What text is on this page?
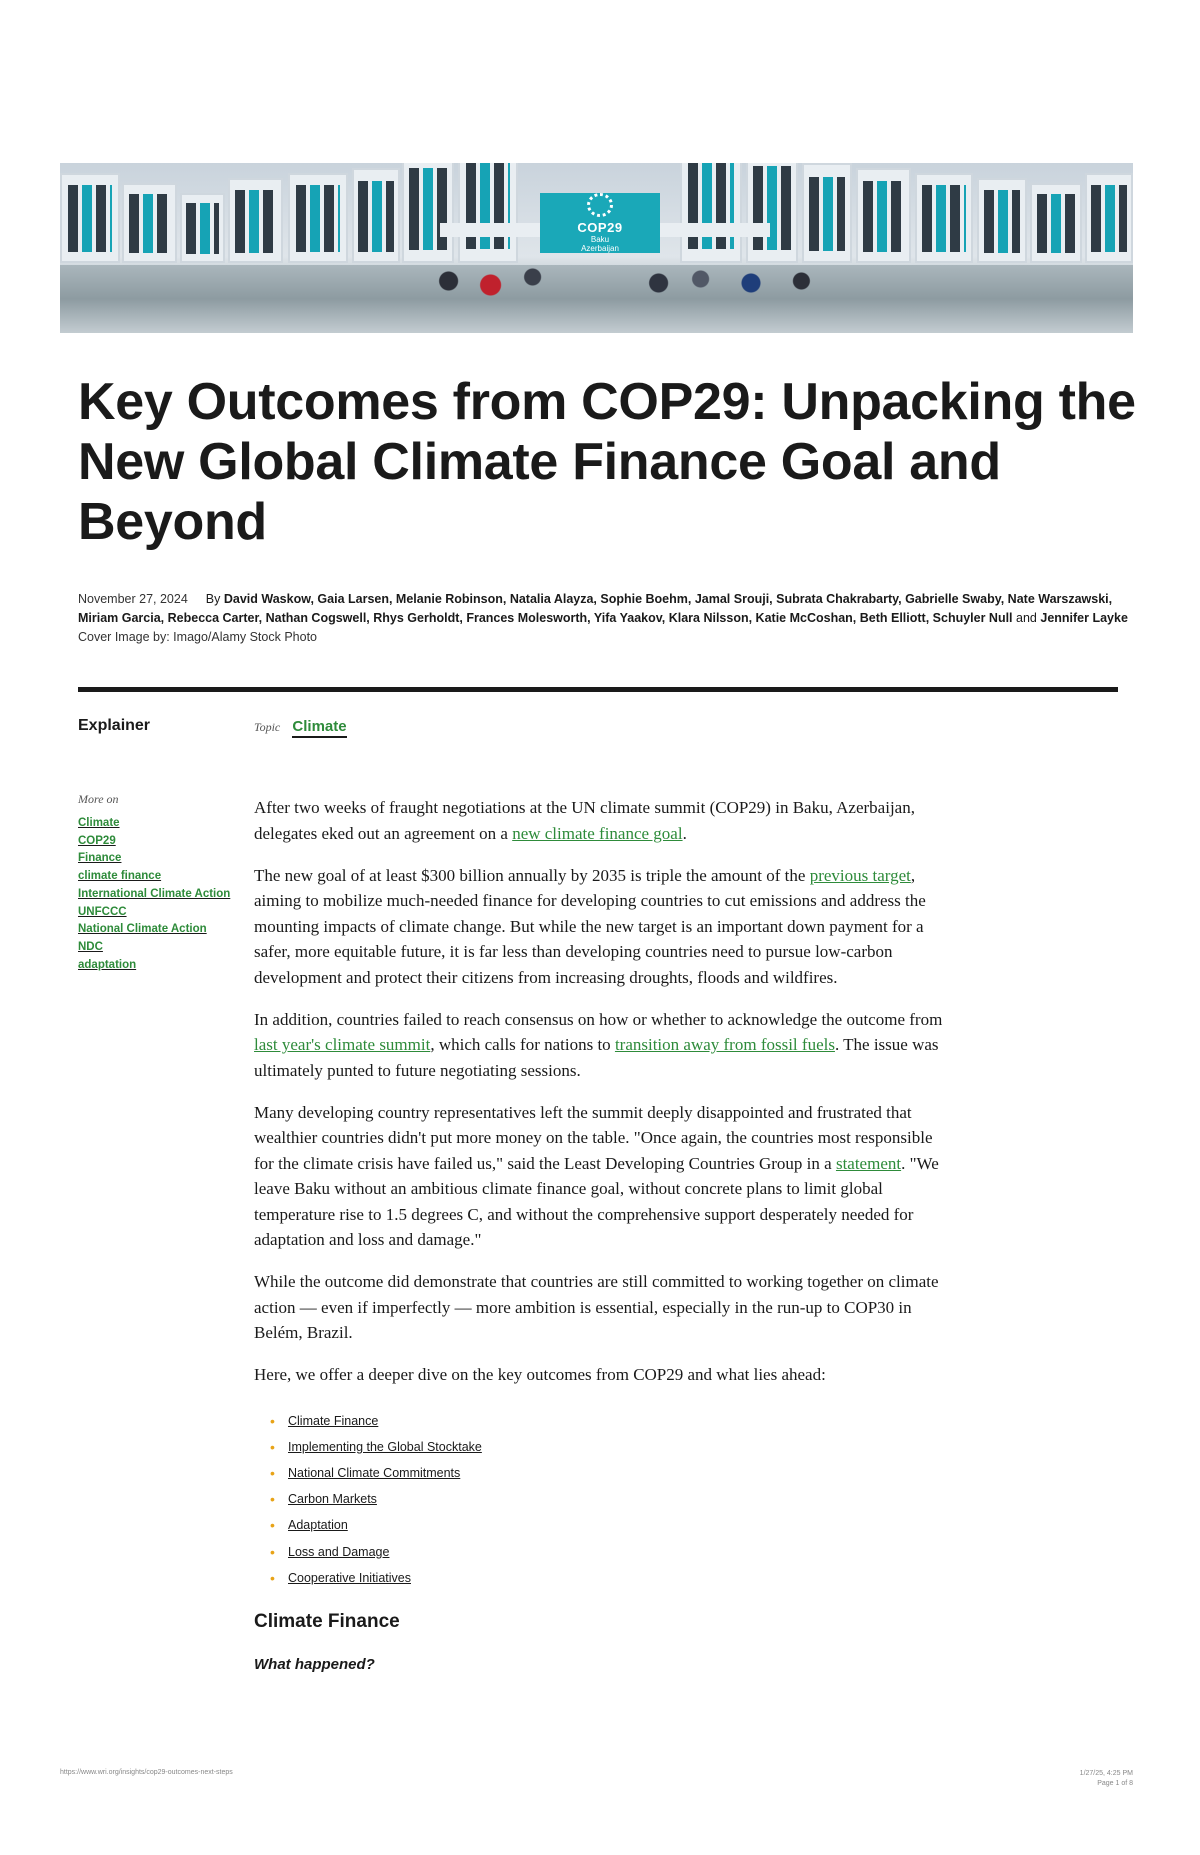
COP29
Baku
Azerbaijan
Key Outcomes from COP29: Unpacking the New Global Climate Finance Goal and Beyond
November 27, 2024 By David Waskow, Gaia Larsen, Melanie Robinson, Natalia Alayza, Sophie Boehm, Jamal Srouji, Subrata Chakrabarty, Gabrielle Swaby, Nate Warszawski, Miriam Garcia, Rebecca Carter, Nathan Cogswell, Rhys Gerholdt, Frances Molesworth, Yifa Yaakov, Klara Nilsson, Katie McCoshan, Beth Elliott, Schuyler Null and Jennifer Layke
Cover Image by: Imago/Alamy Stock Photo
Explainer	Topic Climate
More on
Climate
COP29
Finance
climate finance
International Climate Action
UNFCCC
National Climate Action
NDC
adaptation

After two weeks of fraught negotiations at the UN climate summit (COP29) in Baku, Azerbaijan, delegates eked out an agreement on a new climate finance goal.

The new goal of at least $300 billion annually by 2035 is triple the amount of the previous target, aiming to mobilize much-needed finance for developing countries to cut emissions and address the mounting impacts of climate change. But while the new target is an important down payment for a safer, more equitable future, it is far less than developing countries need to pursue low-carbon development and protect their citizens from increasing droughts, floods and wildfires.

In addition, countries failed to reach consensus on how or whether to acknowledge the outcome from last year's climate summit, which calls for nations to transition away from fossil fuels. The issue was ultimately punted to future negotiating sessions.

Many developing country representatives left the summit deeply disappointed and frustrated that wealthier countries didn't put more money on the table. "Once again, the countries most responsible for the climate crisis have failed us," said the Least Developing Countries Group in a statement. "We leave Baku without an ambitious climate finance goal, without concrete plans to limit global temperature rise to 1.5 degrees C, and without the comprehensive support desperately needed for adaptation and loss and damage."

While the outcome did demonstrate that countries are still committed to working together on climate action — even if imperfectly — more ambition is essential, especially in the run-up to COP30 in Belém, Brazil.

Here, we offer a deeper dive on the key outcomes from COP29 and what lies ahead:

• Climate Finance
• Implementing the Global Stocktake
• National Climate Commitments
• Carbon Markets
• Adaptation
• Loss and Damage
• Cooperative Initiatives
Climate Finance
What happened?
https://www.wri.org/insights/cop29-outcomes-next-steps	1/27/25, 4:25 PM
Page 1 of 8
